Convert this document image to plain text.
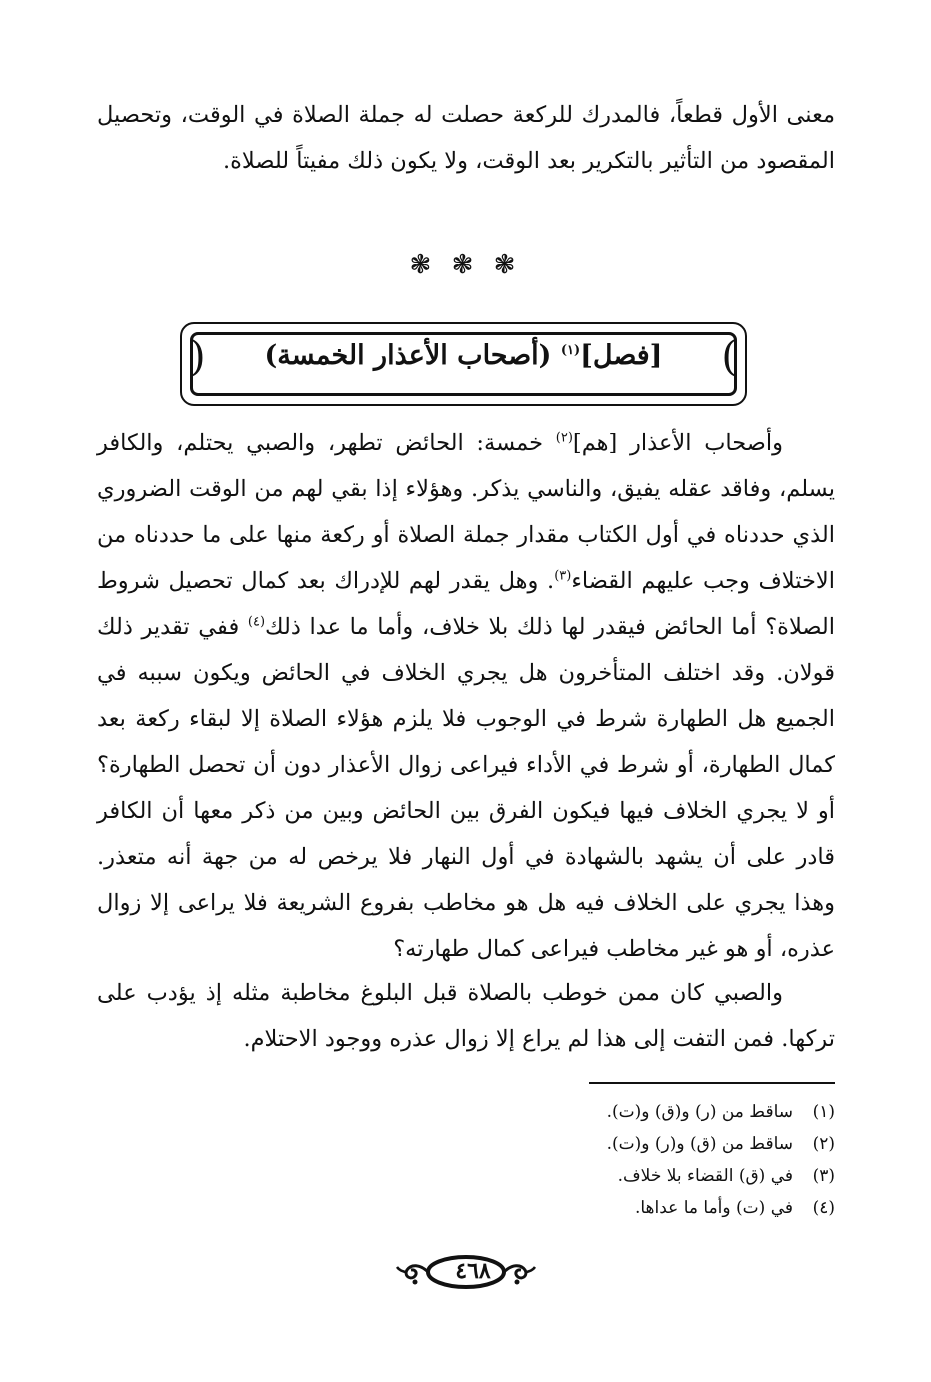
معنى الأول قطعاً، فالمدرك للركعة حصلت له جملة الصلاة في الوقت، وتحصيل المقصود من التأثير بالتكرير بعد الوقت، ولا يكون ذلك مفيتاً للصلاة.

❃ ❃ ❃
(	)
[فصل]$^{(١)}$ (أصحاب الأعذار الخمسة)

وأصحاب الأعذار [هم]$^{(٢)}$ خمسة: الحائض تطهر، والصبي يحتلم، والكافر يسلم، وفاقد عقله يفيق، والناسي يذكر. وهؤلاء إذا بقي لهم من الوقت الضروري الذي حددناه في أول الكتاب مقدار جملة الصلاة أو ركعة منها على ما حددناه من الاختلاف وجب عليهم القضاء$^{(٣)}$. وهل يقدر لهم للإدراك بعد كمال تحصيل شروط الصلاة؟ أما الحائض فيقدر لها ذلك بلا خلاف، وأما ما عدا ذلك$^{(٤)}$ ففي تقدير ذلك قولان. وقد اختلف المتأخرون هل يجري الخلاف في الحائض ويكون سببه في الجميع هل الطهارة شرط في الوجوب فلا يلزم هؤلاء الصلاة إلا لبقاء ركعة بعد كمال الطهارة، أو شرط في الأداء فيراعى زوال الأعذار دون أن تحصل الطهارة؟ أو لا يجري الخلاف فيها فيكون الفرق بين الحائض وبين من ذكر معها أن الكافر قادر على أن يشهد بالشهادة في أول النهار فلا يرخص له من جهة أنه متعذر. وهذا يجري على الخلاف فيه هل هو مخاطب بفروع الشريعة فلا يراعى إلا زوال عذره، أو هو غير مخاطب فيراعى كمال طهارته؟

والصبي كان ممن خوطب بالصلاة قبل البلوغ مخاطبة مثله إذ يؤدب على تركها. فمن التفت إلى هذا لم يراع إلا زوال عذره ووجود الاحتلام.

(١)ساقط من (ر) و(ق) و(ت).
(٢)ساقط من (ق) و(ر) و(ت).
(٣)في (ق) القضاء بلا خلاف.
(٤)في (ت) وأما ما عداها.
٤٦٨
